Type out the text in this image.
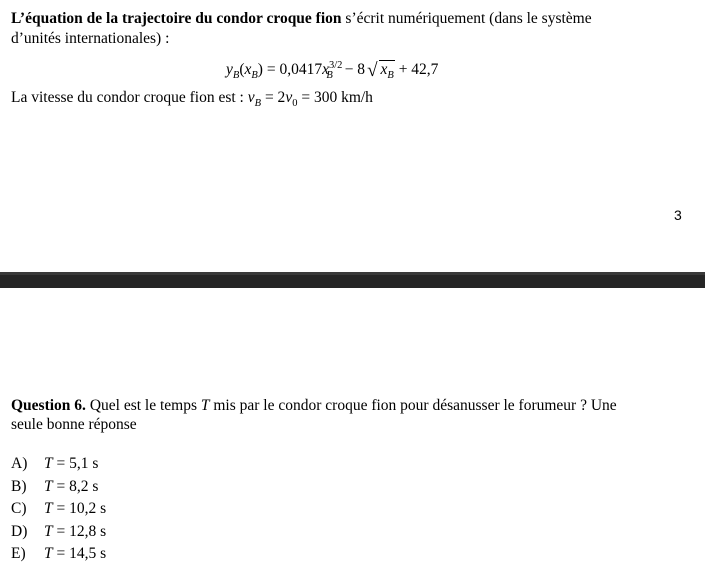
L’équation de la trajectoire du condor croque fion s’écrit numériquement (dans le système
d’unités internationales) :
$y_B(x_B) = 0,0417x^{3/2}_B - 8$ √ $x_B + 42,7$
La vitesse du condor croque fion est : $v_B = 2v_0 = 300$ km/h
3
Question 6. Quel est le temps T mis par le condor croque fion pour désanusser le forumeur ? Une
seule bonne réponse
A) T = 5,1 s
B) T = 8,2 s
C) T = 10,2 s
D) T = 12,8 s
E) T = 14,5 s
